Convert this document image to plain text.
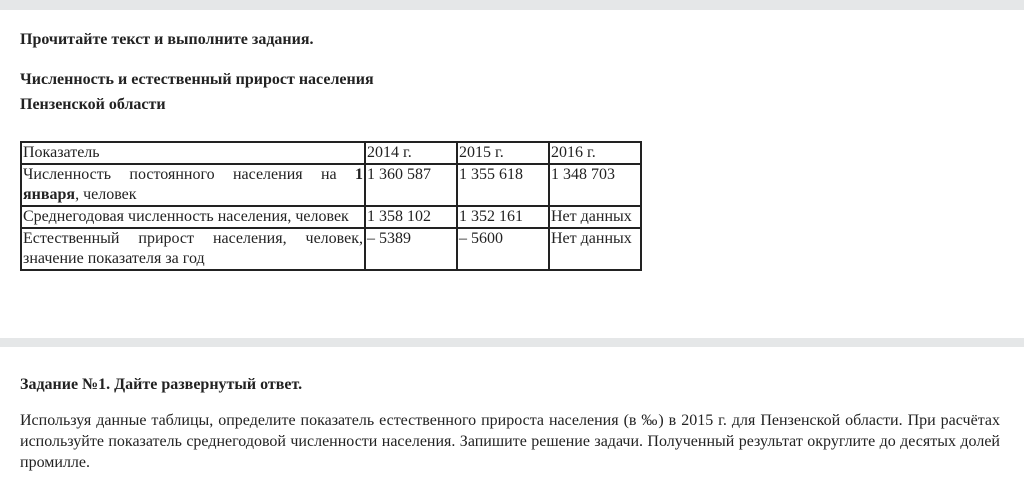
Прочитайте текст и выполните задания.

Численность и естественный прирост населения
Пензенской области

Показатель	2014 г.	2015 г.	2016 г.
Численность постоянного населения на 1 января, человек	1 360 587	1 355 618	1 348 703
Среднегодовая численность населения, человек	1 358 102	1 352 161	Нет данных
Естественный прирост населения, человек, значение показателя за год	– 5389	– 5600	Нет данных

Задание №1. Дайте развернутый ответ.

Используя данные таблицы, определите показатель естественного прироста населения (в ‰) в 2015 г. для Пензенской области. При расчётах используйте показатель среднегодовой численности населения. Запишите решение задачи. Полученный результат округлите до десятых долей промилле.
